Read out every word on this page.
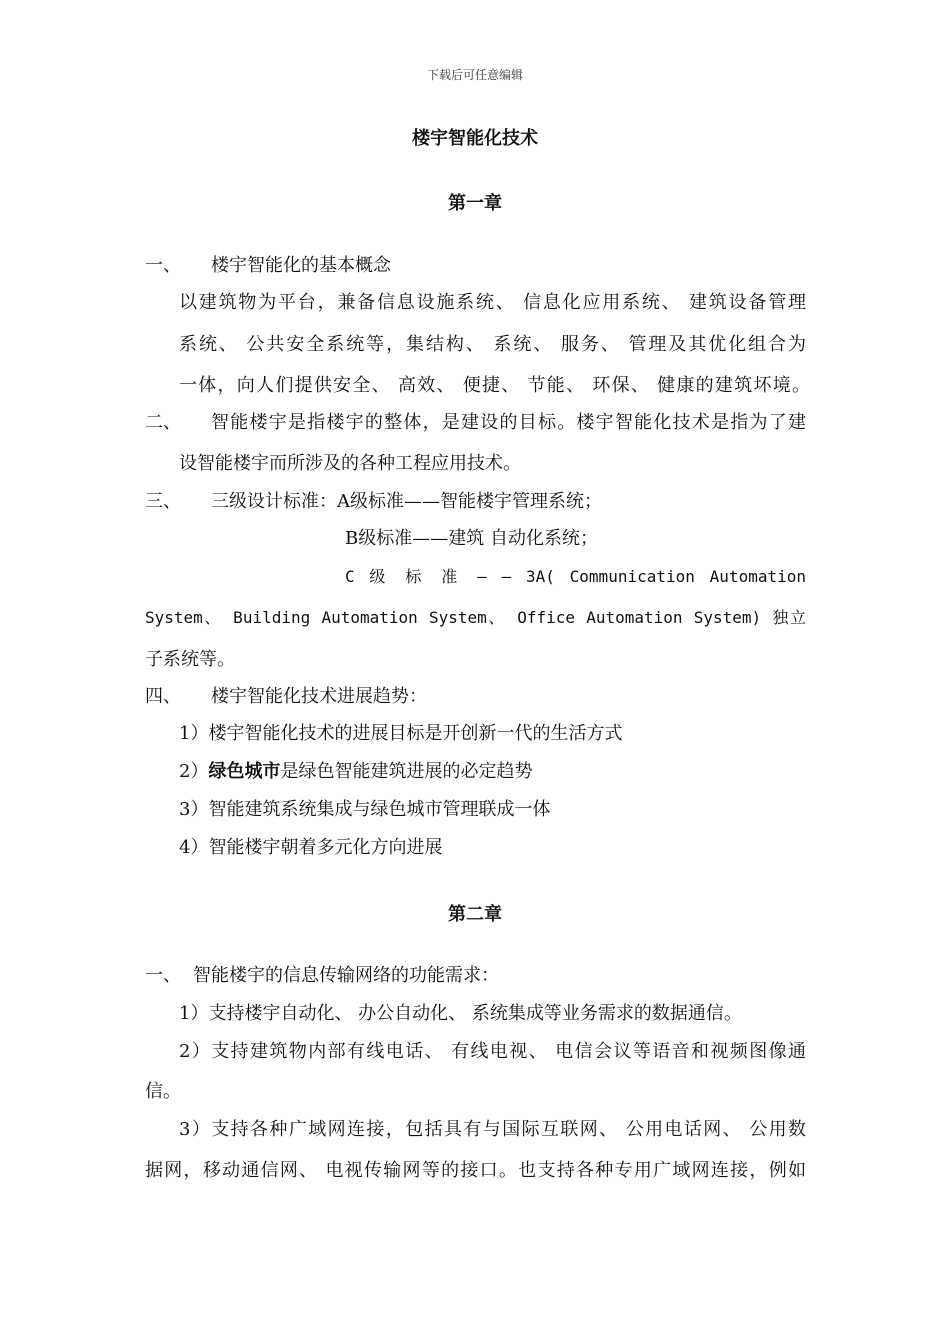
下载后可任意编辑
楼宇智能化技术
第一章
一、 楼宇智能化的基本概念
以建筑物为平台，兼备信息设施系统、 信息化应用系统、 建筑设备管理
系统、 公共安全系统等，集结构、 系统、 服务、 管理及其优化组合为
一体，向人们提供安全、 高效、 便捷、 节能、 环保、 健康的建筑坏境。
二、 智能楼宇是指楼宇的整体，是建设的目标。楼宇智能化技术是指为了建
设智能楼宇而所涉及的各种工程应用技术。
三、 三级设计标准：A级标准——智能楼宇管理系统；
B级标准——建筑 自动化系统；
C 级 标 准 — — 3A( Communication Automation
System、 Building Automation System、 Office Automation System) 独立
子系统等。
四、 楼宇智能化技术进展趋势：
1）楼宇智能化技术的进展目标是开创新一代的生活方式
2）绿色城市是绿色智能建筑进展的必定趋势
3）智能建筑系统集成与绿色城市管理联成一体
4）智能楼宇朝着多元化方向进展
第二章
一、 智能楼宇的信息传输网络的功能需求：
1）支持楼宇自动化、 办公自动化、 系统集成等业务需求的数据通信。
2）支持建筑物内部有线电话、 有线电视、 电信会议等语音和视频图像通
信。
3）支持各种广域网连接，包括具有与国际互联网、 公用电话网、 公用数
据网，移动通信网、 电视传输网等的接口。也支持各种专用广域网连接，例如
